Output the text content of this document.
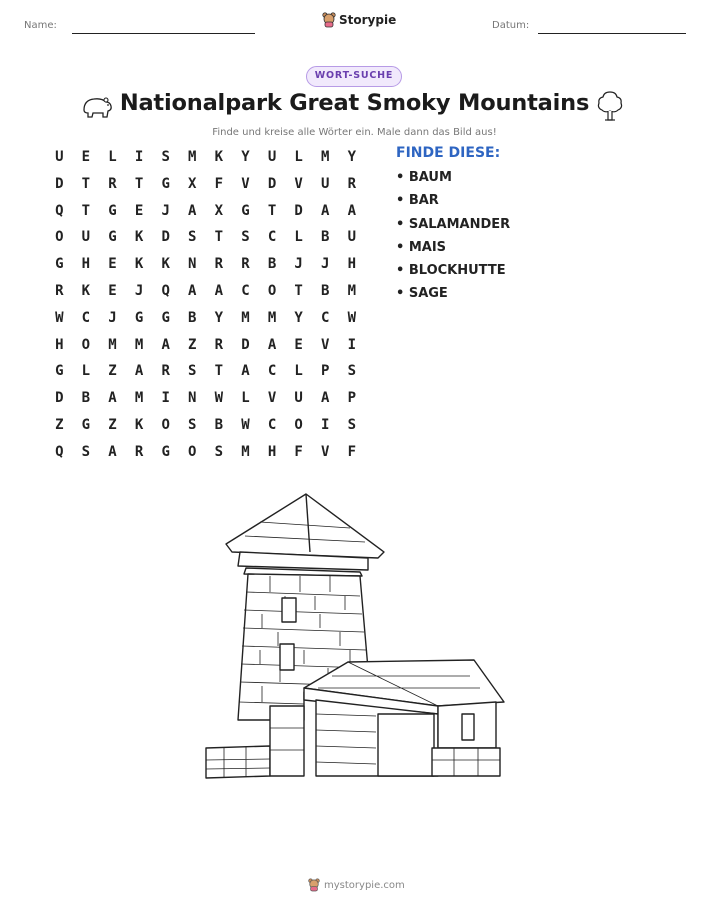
Name:	Storypie	Datum:
WORT-SUCHE
Nationalpark Great Smoky Mountains
Finde und kreise alle Wörter ein. Male dann das Bild aus!
U	E	L	I	S	M	K	Y	U	L	M	Y
D	T	R	T	G	X	F	V	D	V	U	R
Q	T	G	E	J	A	X	G	T	D	A	A
O	U	G	K	D	S	T	S	C	L	B	U
G	H	E	K	K	N	R	R	B	J	J	H
R	K	E	J	Q	A	A	C	O	T	B	M
W	C	J	G	G	B	Y	M	M	Y	C	W
H	O	M	M	A	Z	R	D	A	E	V	I
G	L	Z	A	R	S	T	A	C	L	P	S
D	B	A	M	I	N	W	L	V	U	A	P
Z	G	Z	K	O	S	B	W	C	O	I	S
Q	S	A	R	G	O	S	M	H	F	V	F
FINDE DIESE:
• BAUM
• BAR
• SALAMANDER
• MAIS
• BLOCKHUTTE
• SAGE
mystorypie.com
